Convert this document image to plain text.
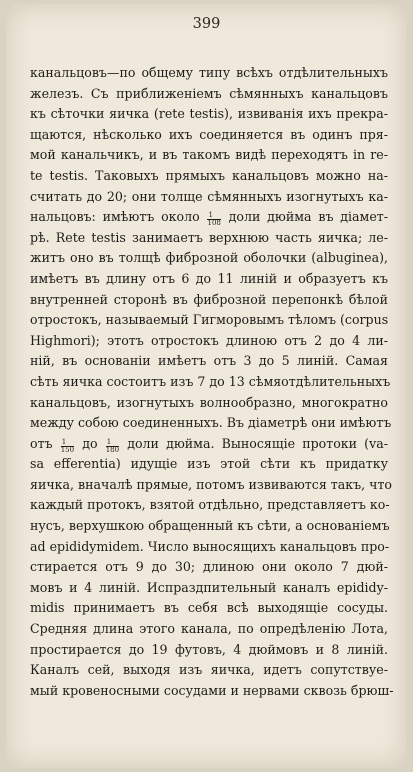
399
канальцовъ—по общему типу всѣхъ отдѣлительныхъ
железъ. Съ приближеніемъ сѣмянныхъ канальцовъ
къ сѣточки яичка (rete testis), извиванія ихъ прекра-
щаются, нѣсколько ихъ соединяется въ одинъ пря-
мой канальчикъ, и въ такомъ видѣ переходятъ in re-
te testis. Таковыхъ прямыхъ канальцовъ можно на-
считать до 20; они толще сѣмянныхъ изогнутыхъ ка-
нальцовъ: имѣютъ около $\frac{1}{108}$ доли дюйма въ діамет-
рѣ. Rete testis занимаетъ верхнюю часть яичка; ле-
житъ оно въ толщѣ фиброзной оболочки (albuginea),
имѣетъ въ длину отъ 6 до 11 линій и образуетъ къ
внутренней сторонѣ въ фиброзной перепонкѣ бѣлой
отростокъ, называемый Гигморовымъ тѣломъ (corpus
Highmori); этотъ отростокъ длиною отъ 2 до 4 ли-
ній, въ основаніи имѣетъ отъ 3 до 5 линій. Самая
сѣть яичка состоитъ изъ 7 до 13 сѣмяотдѣлительныхъ
канальцовъ, изогнутыхъ волнообразно, многократно
между собою соединенныхъ. Въ діаметрѣ они имѣютъ
отъ $\frac{1}{150}$ до $\frac{1}{180}$ доли дюйма. Выносящіе протоки (va-
sa efferentia) идущіе изъ этой сѣти къ придатку
яичка, вначалѣ прямые, потомъ извиваются такъ, что
каждый протокъ, взятой отдѣльно, представляетъ ко-
нусъ, верхушкою обращенный къ сѣти, а основаніемъ
ad epididymidem. Число выносящихъ канальцовъ про-
стирается отъ 9 до 30; длиною они около 7 дюй-
мовъ и 4 линій. Испраздпительный каналъ epididy-
midis принимаетъ въ себя всѣ выходящіе сосуды.
Средняя длина этого канала, по опредѣленію Лота,
простирается до 19 футовъ, 4 дюймовъ и 8 линій.
Каналъ сей, выходя изъ яичка, идетъ сопутствуе-
мый кровеносными сосудами и нервами сквозь брюш-
